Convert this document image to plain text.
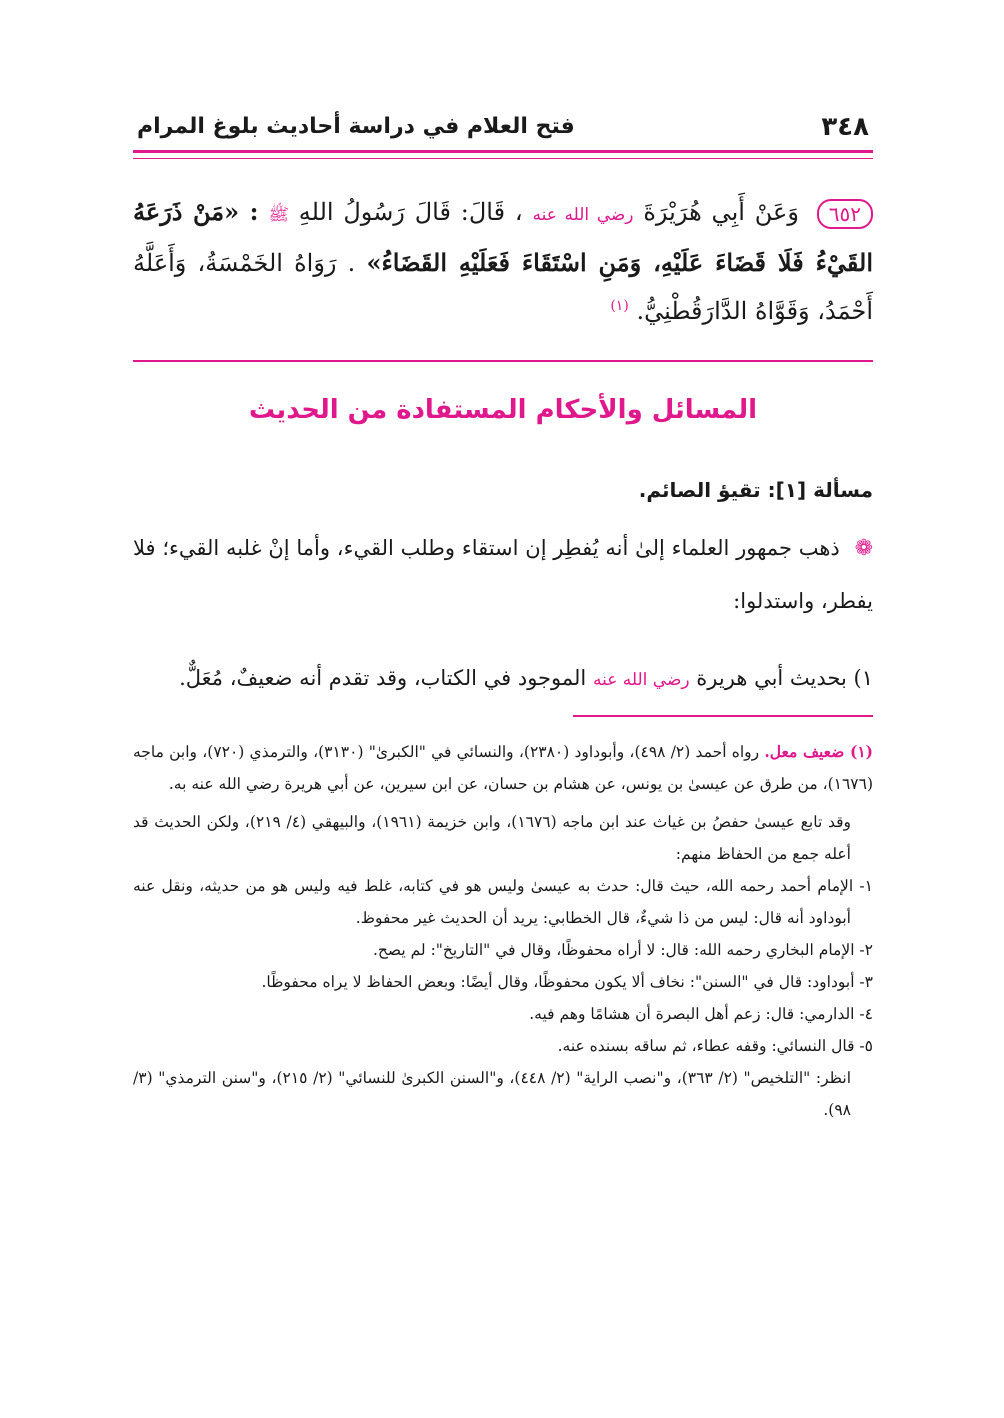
٣٤٨
فتح العلام في دراسة أحاديث بلوغ المرام
٦٥٢ وَعَنْ أَبِي هُرَيْرَةَ رضي الله عنه ، قَالَ: قَالَ رَسُولُ اللهِ ﷺ : «مَنْ ذَرَعَهُ القَيْءُ فَلَا قَضَاءَ عَلَيْهِ، وَمَنِ اسْتَقَاءَ فَعَلَيْهِ القَضَاءُ» . رَوَاهُ الخَمْسَةُ، وَأَعَلَّهُ أَحْمَدُ، وَقَوَّاهُ الدَّارَقُطْنِيُّ. $^{(١)}$
المسائل والأحكام المستفادة من الحديث
مسألة [١]: تقيؤ الصائم.
❁ ذهب جمهور العلماء إلىٰ أنه يُفطِر إن استقاء وطلب القيء، وأما إنْ غلبه القيء؛ فلا يفطر، واستدلوا:
١) بحديث أبي هريرة رضي الله عنه الموجود في الكتاب، وقد تقدم أنه ضعيفٌ، مُعَلٌّ.

(١) ضعيف معل. رواه أحمد (٢/ ٤٩٨)، وأبوداود (٢٣٨٠)، والنسائي في "الكبرىٰ" (٣١٣٠)، والترمذي (٧٢٠)، وابن ماجه (١٦٧٦)، من طرق عن عيسىٰ بن يونس، عن هشام بن حسان، عن ابن سيرين، عن أبي هريرة رضي الله عنه به.

وقد تابع عيسىٰ حفصُ بن غياث عند ابن ماجه (١٦٧٦)، وابن خزيمة (١٩٦١)، والبيهقي (٤/ ٢١٩)، ولكن الحديث قد أعله جمع من الحفاظ منهم:

١- الإمام أحمد رحمه الله، حيث قال: حدث به عيسىٰ وليس هو في كتابه، غلط فيه وليس هو من حديثه، ونقل عنه أبوداود أنه قال: ليس من ذا شيءٌ، قال الخطابي: يريد أن الحديث غير محفوظ.

٢- الإمام البخاري رحمه الله: قال: لا أراه محفوظًا، وقال في "التاريخ": لم يصح.

٣- أبوداود: قال في "السنن": نخاف ألا يكون محفوظًا، وقال أيضًا: وبعض الحفاظ لا يراه محفوظًا.

٤- الدارمي: قال: زعم أهل البصرة أن هشامًا وهم فيه.

٥- قال النسائي: وقفه عطاء، ثم ساقه بسنده عنه.

انظر: "التلخيص" (٢/ ٣٦٣)، و"نصب الراية" (٢/ ٤٤٨)، و"السنن الكبرىٰ للنسائي" (٢/ ٢١٥)، و"سنن الترمذي" (٣/ ٩٨).
